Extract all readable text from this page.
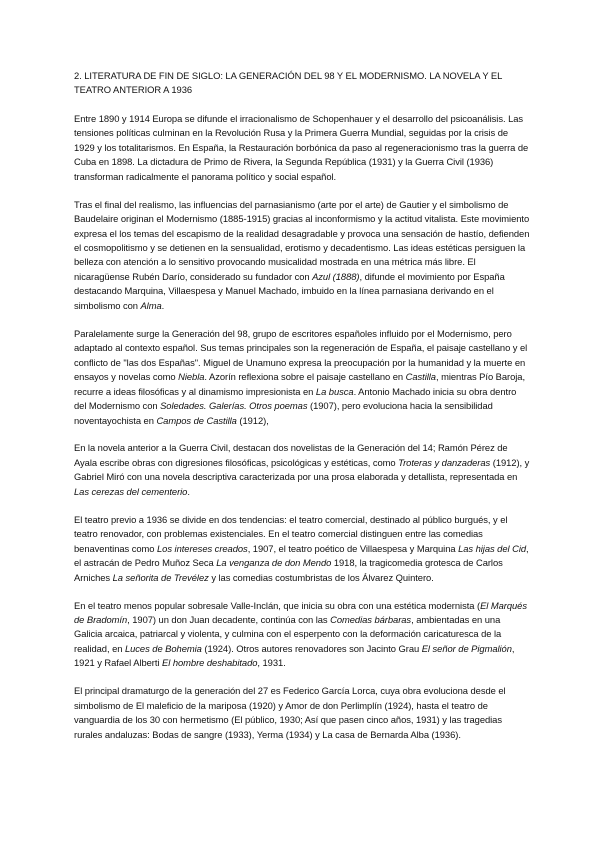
2. LITERATURA DE FIN DE SIGLO: LA GENERACIÓN DEL 98 Y EL MODERNISMO. LA NOVELA Y EL TEATRO ANTERIOR A 1936

Entre 1890 y 1914 Europa se difunde el irracionalismo de Schopenhauer y el desarrollo del psicoanálisis. Las tensiones políticas culminan en la Revolución Rusa y la Primera Guerra Mundial, seguidas por la crisis de 1929 y los totalitarismos. En España, la Restauración borbónica da paso al regeneracionismo tras la guerra de Cuba en 1898. La dictadura de Primo de Rivera, la Segunda República (1931) y la Guerra Civil (1936) transforman radicalmente el panorama político y social español.

Tras el final del realismo, las influencias del parnasianismo (arte por el arte) de Gautier y el simbolismo de Baudelaire originan el Modernismo (1885-1915) gracias al inconformismo y la actitud vitalista. Este movimiento expresa el los temas del escapismo de la realidad desagradable y provoca una sensación de hastío, defienden el cosmopolitismo y se detienen en la sensualidad, erotismo y decadentismo. Las ideas estéticas persiguen la belleza con atención a lo sensitivo provocando musicalidad mostrada en una métrica más libre. El nicaragüense Rubén Darío, considerado su fundador con Azul (1888), difunde el movimiento por España destacando Marquina, Villaespesa y Manuel Machado, imbuido en la línea parnasiana derivando en el simbolismo con Alma.

Paralelamente surge la Generación del 98, grupo de escritores españoles influido por el Modernismo, pero adaptado al contexto español. Sus temas principales son la regeneración de España, el paisaje castellano y el conflicto de "las dos Españas". Miguel de Unamuno expresa la preocupación por la humanidad y la muerte en ensayos y novelas como Niebla. Azorín reflexiona sobre el paisaje castellano en Castilla, mientras Pío Baroja, recurre a ideas filosóficas y al dinamismo impresionista en La busca. Antonio Machado inicia su obra dentro del Modernismo con Soledades. Galerías. Otros poemas (1907), pero evoluciona hacia la sensibilidad noventayochista en Campos de Castilla (1912),

En la novela anterior a la Guerra Civil, destacan dos novelistas de la Generación del 14; Ramón Pérez de Ayala escribe obras con digresiones filosóficas, psicológicas y estéticas, como Troteras y danzaderas (1912), y Gabriel Miró con una novela descriptiva caracterizada por una prosa elaborada y detallista, representada en Las cerezas del cementerio.

El teatro previo a 1936 se divide en dos tendencias: el teatro comercial, destinado al público burgués, y el teatro renovador, con problemas existenciales. En el teatro comercial distinguen entre las comedias benaventinas como Los intereses creados, 1907, el teatro poético de Villaespesa y Marquina Las hijas del Cid, el astracán de Pedro Muñoz Seca La venganza de don Mendo 1918, la tragicomedia grotesca de Carlos Arniches La señorita de Trevélez y las comedias costumbristas de los Álvarez Quintero.

En el teatro menos popular sobresale Valle-Inclán, que inicia su obra con una estética modernista (El Marqués de Bradomín, 1907) un don Juan decadente, continúa con las Comedias bárbaras, ambientadas en una Galicia arcaica, patriarcal y violenta, y culmina con el esperpento con la deformación caricaturesca de la realidad, en Luces de Bohemia (1924). Otros autores renovadores son Jacinto Grau El señor de Pigmalión, 1921 y Rafael Alberti El hombre deshabitado, 1931.

El principal dramaturgo de la generación del 27 es Federico García Lorca, cuya obra evoluciona desde el simbolismo de El maleficio de la mariposa (1920) y Amor de don Perlimplín (1924), hasta el teatro de vanguardia de los 30 con hermetismo (El público, 1930; Así que pasen cinco años, 1931) y las tragedias rurales andaluzas: Bodas de sangre (1933), Yerma (1934) y La casa de Bernarda Alba (1936).
